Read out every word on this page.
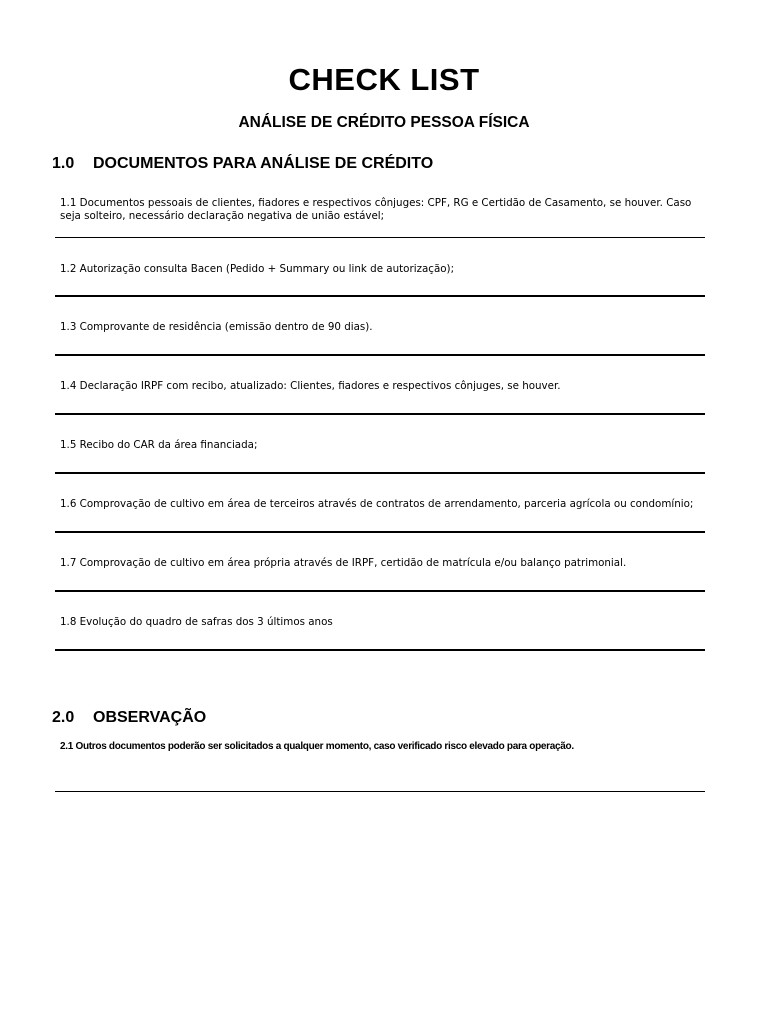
CHECK LIST
ANÁLISE DE CRÉDITO PESSOA FÍSICA
1.0 DOCUMENTOS PARA ANÁLISE DE CRÉDITO

1.1 Documentos pessoais de clientes, fiadores e respectivos cônjuges: CPF, RG e Certidão de Casamento, se houver. Caso seja solteiro, necessário declaração negativa de união estável;

1.2 Autorização consulta Bacen (Pedido + Summary ou link de autorização);

1.3 Comprovante de residência (emissão dentro de 90 dias).

1.4 Declaração IRPF com recibo, atualizado: Clientes, fiadores e respectivos cônjuges, se houver.

1.5 Recibo do CAR da área financiada;

1.6 Comprovação de cultivo em área de terceiros através de contratos de arrendamento, parceria agrícola ou condomínio;

1.7 Comprovação de cultivo em área própria através de IRPF, certidão de matrícula e/ou balanço patrimonial.

1.8 Evolução do quadro de safras dos 3 últimos anos

2.0 OBSERVAÇÃO

2.1 Outros documentos poderão ser solicitados a qualquer momento, caso verificado risco elevado para operação.
